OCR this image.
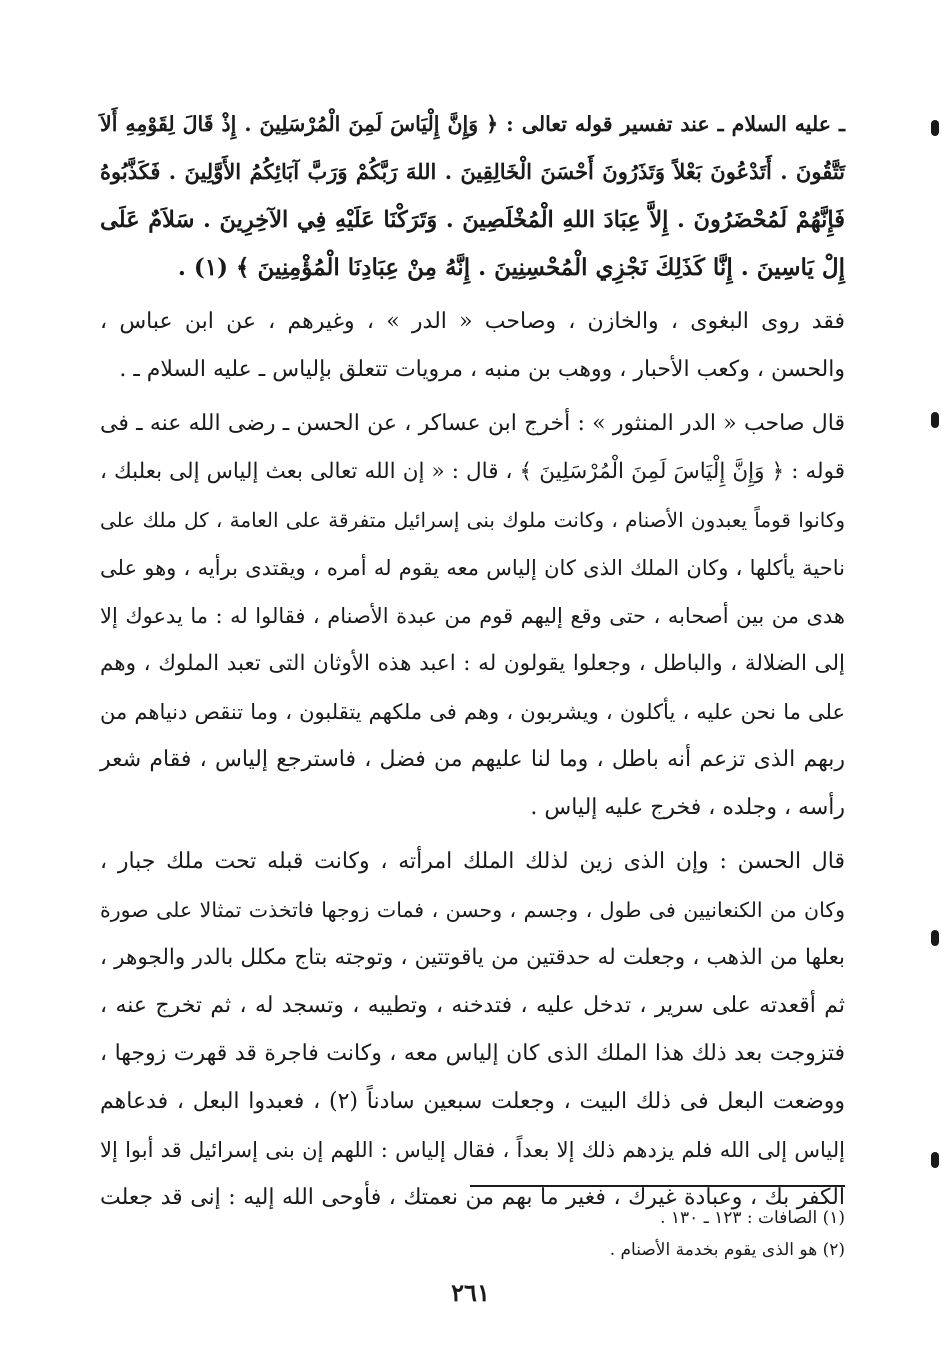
ـ عليه السلام ـ عند تفسير قوله تعالى : ﴿ وَإِنَّ إِلْيَاسَ لَمِنَ الْمُرْسَلِينَ . إِذْ قَالَ لِقَوْمِهِ أَلاَ
تَتَّقُونَ . أَتَدْعُونَ بَعْلاً وَتَذَرُونَ أَحْسَنَ الْخَالِقِينَ . اللهَ رَبَّكُمْ وَرَبَّ آبَائِكُمُ الأَوَّلِينَ . فَكَذَّبُوهُ
فَإِنَّهُمْ لَمُحْضَرُونَ . إِلاَّ عِبَادَ اللهِ الْمُخْلَصِينَ . وَتَرَكْنَا عَلَيْهِ فِي الآخِرِينَ . سَلاَمٌ عَلَى
إِلْ يَاسِينَ . إِنَّا كَذَلِكَ نَجْزِي الْمُحْسِنِينَ . إِنَّهُ مِنْ عِبَادِنَا الْمُؤْمِنِينَ ﴾ (١) .
فقد روى البغوى ، والخازن ، وصاحب « الدر » ، وغيرهم ، عن ابن عباس ،
والحسن ، وكعب الأحبار ، ووهب بن منبه ، مرويات تتعلق بإلياس ـ عليه السلام ـ .
قال صاحب « الدر المنثور » : أخرج ابن عساكر ، عن الحسن ـ رضى الله عنه ـ فى
قوله : ﴿ وَإِنَّ إِلْيَاسَ لَمِنَ الْمُرْسَلِينَ ﴾ ، قال : « إن الله تعالى بعث إلياس إلى بعلبك ،
وكانوا قوماً يعبدون الأصنام ، وكانت ملوك بنى إسرائيل متفرقة على العامة ، كل ملك على
ناحية يأكلها ، وكان الملك الذى كان إلياس معه يقوم له أمره ، ويقتدى برأيه ، وهو على
هدى من بين أصحابه ، حتى وقع إليهم قوم من عبدة الأصنام ، فقالوا له : ما يدعوك إلا
إلى الضلالة ، والباطل ، وجعلوا يقولون له : اعبد هذه الأوثان التى تعبد الملوك ، وهم
على ما نحن عليه ، يأكلون ، ويشربون ، وهم فى ملكهم يتقلبون ، وما تنقص دنياهم من
ربهم الذى تزعم أنه باطل ، وما لنا عليهم من فضل ، فاسترجع إلياس ، فقام شعر
رأسه ، وجلده ، فخرج عليه إلياس .
قال الحسن : وإن الذى زين لذلك الملك امرأته ، وكانت قبله تحت ملك جبار ،
وكان من الكنعانيين فى طول ، وجسم ، وحسن ، فمات زوجها فاتخذت تمثالا على صورة
بعلها من الذهب ، وجعلت له حدقتين من ياقوتتين ، وتوجته بتاج مكلل بالدر والجوهر ،
ثم أقعدته على سرير ، تدخل عليه ، فتدخنه ، وتطيبه ، وتسجد له ، ثم تخرج عنه ،
فتزوجت بعد ذلك هذا الملك الذى كان إلياس معه ، وكانت فاجرة قد قهرت زوجها ،
ووضعت البعل فى ذلك البيت ، وجعلت سبعين سادناً (٢) ، فعبدوا البعل ، فدعاهم
إلياس إلى الله فلم يزدهم ذلك إلا بعداً ، فقال إلياس : اللهم إن بنى إسرائيل قد أبوا إلا
الكفر بك ، وعبادة غيرك ، فغير ما بهم من نعمتك ، فأوحى الله إليه : إنى قد جعلت
(١) الصافات : ١٢٣ ـ ١٣٠ .
(٢) هو الذى يقوم بخدمة الأصنام .
٢٦١
